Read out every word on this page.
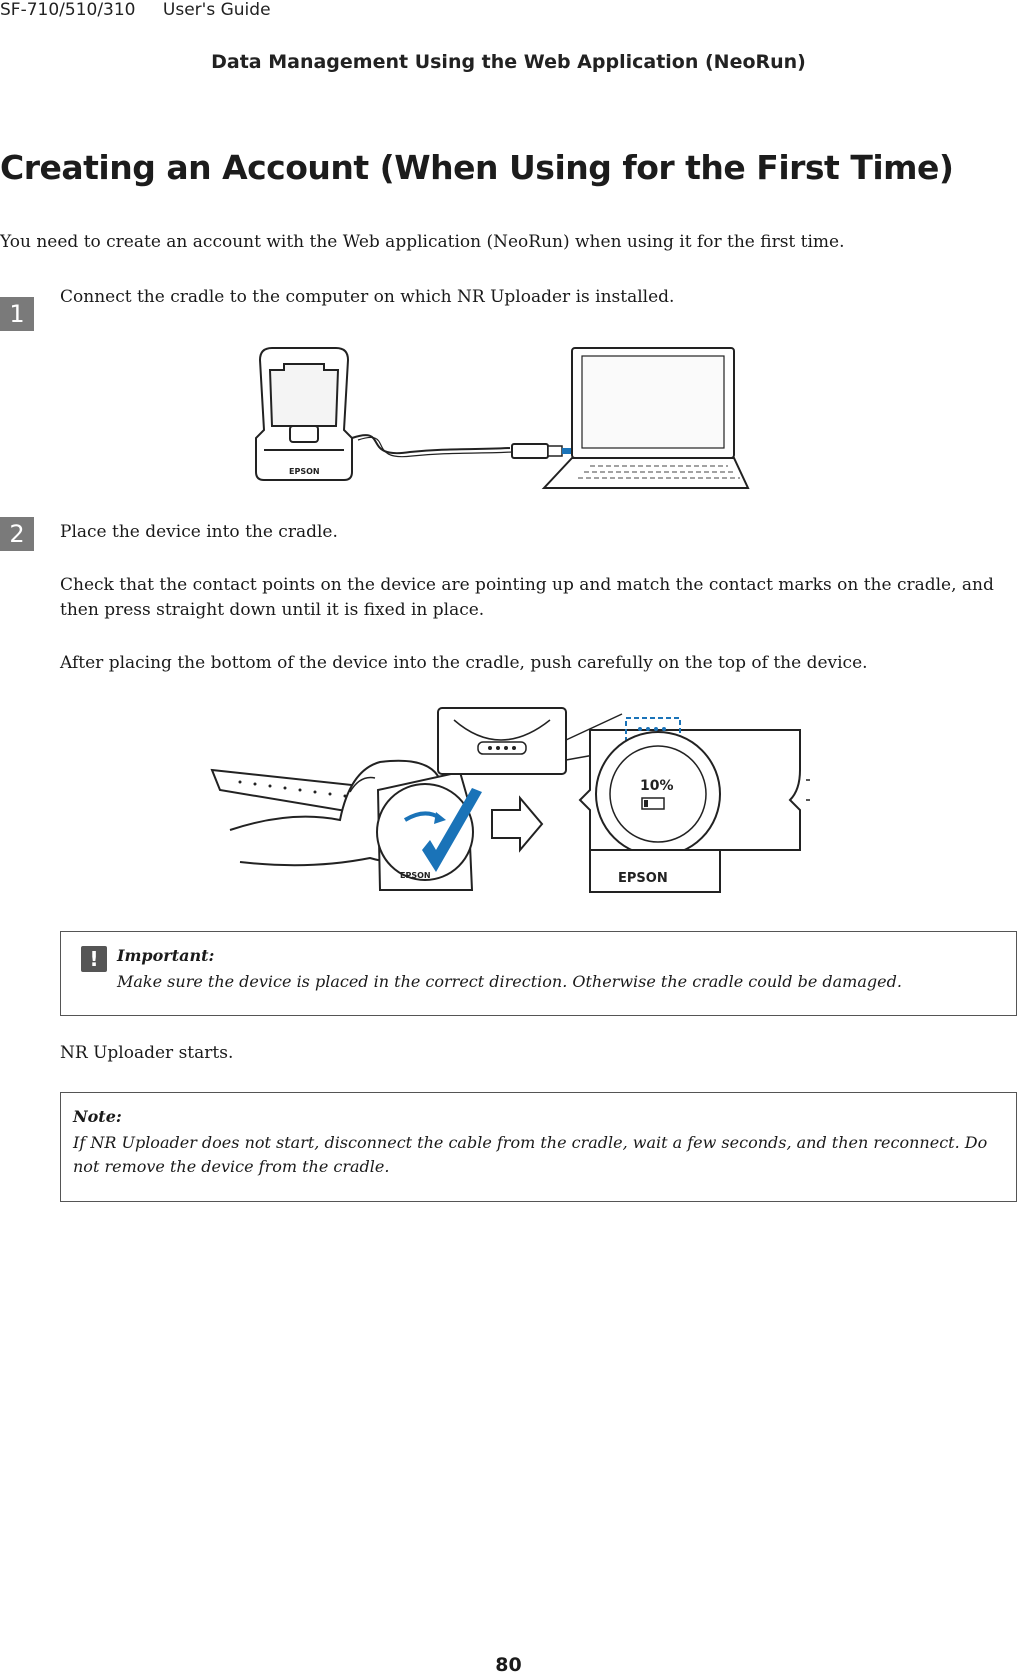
SF-710/510/310 User's Guide
Data Management Using the Web Application (NeoRun)
Creating an Account (When Using for the First Time)
You need to create an account with the Web application (NeoRun) when using it for the first time.
1
Connect the cradle to the computer on which NR Uploader is installed.
EPSON
2	Place the device into the cradle.
Check that the contact points on the device are pointing up and match the contact marks on the cradle, and then press straight down until it is fixed in place.
After placing the bottom of the device into the cradle, push carefully on the top of the device.
EPSON
10%
EPSON
!	Important:
Make sure the device is placed in the correct direction. Otherwise the cradle could be damaged.
NR Uploader starts.
Note:
If NR Uploader does not start, disconnect the cable from the cradle, wait a few seconds, and then reconnect. Do not remove the device from the cradle.
80
